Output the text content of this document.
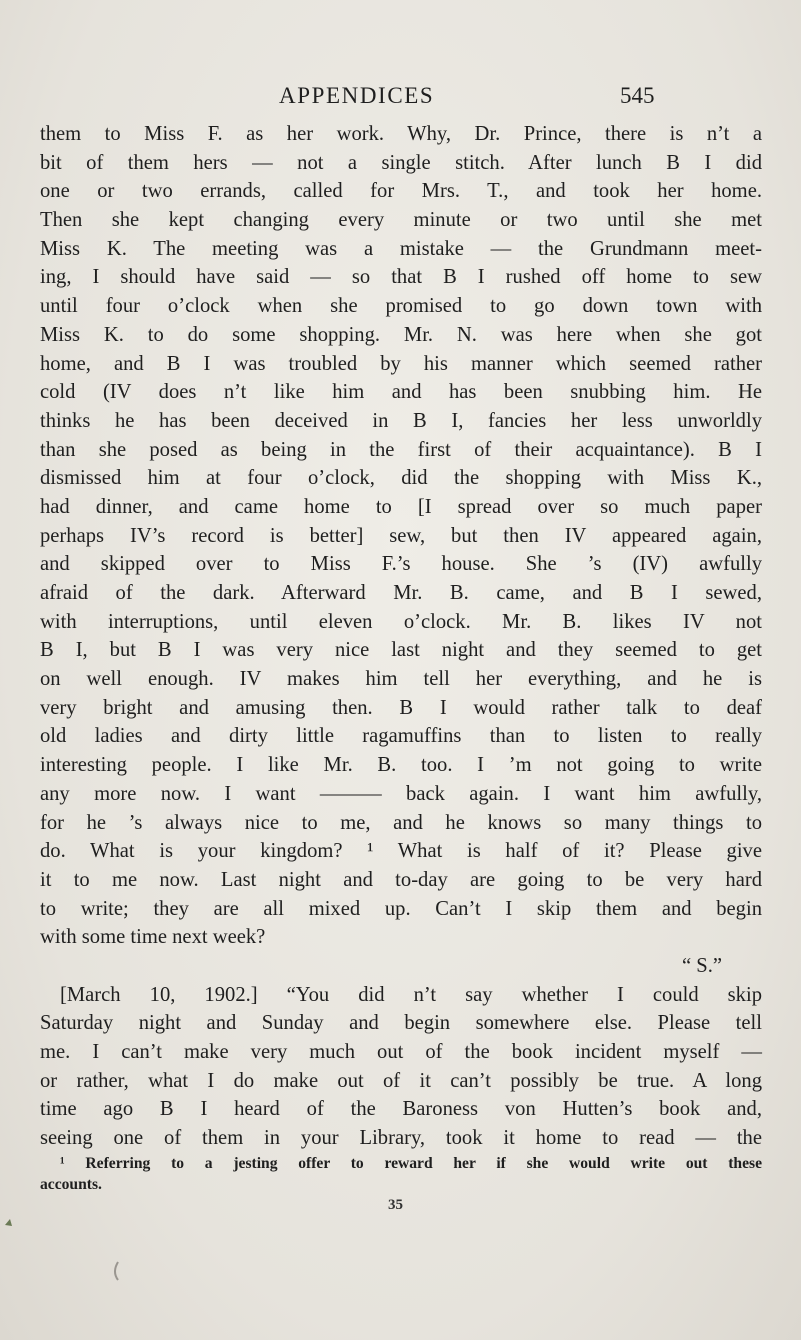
APPENDICES	545
them to Miss F. as her work. Why, Dr. Prince, there is n’t a
bit of them hers — not a single stitch. After lunch B I did
one or two errands, called for Mrs. T., and took her home.
Then she kept changing every minute or two until she met
Miss K. The meeting was a mistake — the Grundmann meet-
ing, I should have said — so that B I rushed off home to sew
until four o’clock when she promised to go down town with
Miss K. to do some shopping. Mr. N. was here when she got
home, and B I was troubled by his manner which seemed rather
cold (IV does n’t like him and has been snubbing him. He
thinks he has been deceived in B I, fancies her less unworldly
than she posed as being in the first of their acquaintance). B I
dismissed him at four o’clock, did the shopping with Miss K.,
had dinner, and came home to [I spread over so much paper
perhaps IV’s record is better] sew, but then IV appeared again,
and skipped over to Miss F.’s house. She ’s (IV) awfully
afraid of the dark. Afterward Mr. B. came, and B I sewed,
with interruptions, until eleven o’clock. Mr. B. likes IV not
B I, but B I was very nice last night and they seemed to get
on well enough. IV makes him tell her everything, and he is
very bright and amusing then. B I would rather talk to deaf
old ladies and dirty little ragamuffins than to listen to really
interesting people. I like Mr. B. too. I ’m not going to write
any more now. I want ——— back again. I want him awfully,
for he ’s always nice to me, and he knows so many things to
do. What is your kingdom? ¹ What is half of it? Please give
it to me now. Last night and to-day are going to be very hard
to write; they are all mixed up. Can’t I skip them and begin
with some time next week?
“ S.”
[March 10, 1902.] “You did n’t say whether I could skip
Saturday night and Sunday and begin somewhere else. Please tell
me. I can’t make very much out of the book incident myself —
or rather, what I do make out of it can’t possibly be true. A long
time ago B I heard of the Baroness von Hutten’s book and,
seeing one of them in your Library, took it home to read — the
¹ Referring to a jesting offer to reward her if she would write out these
accounts.
35
